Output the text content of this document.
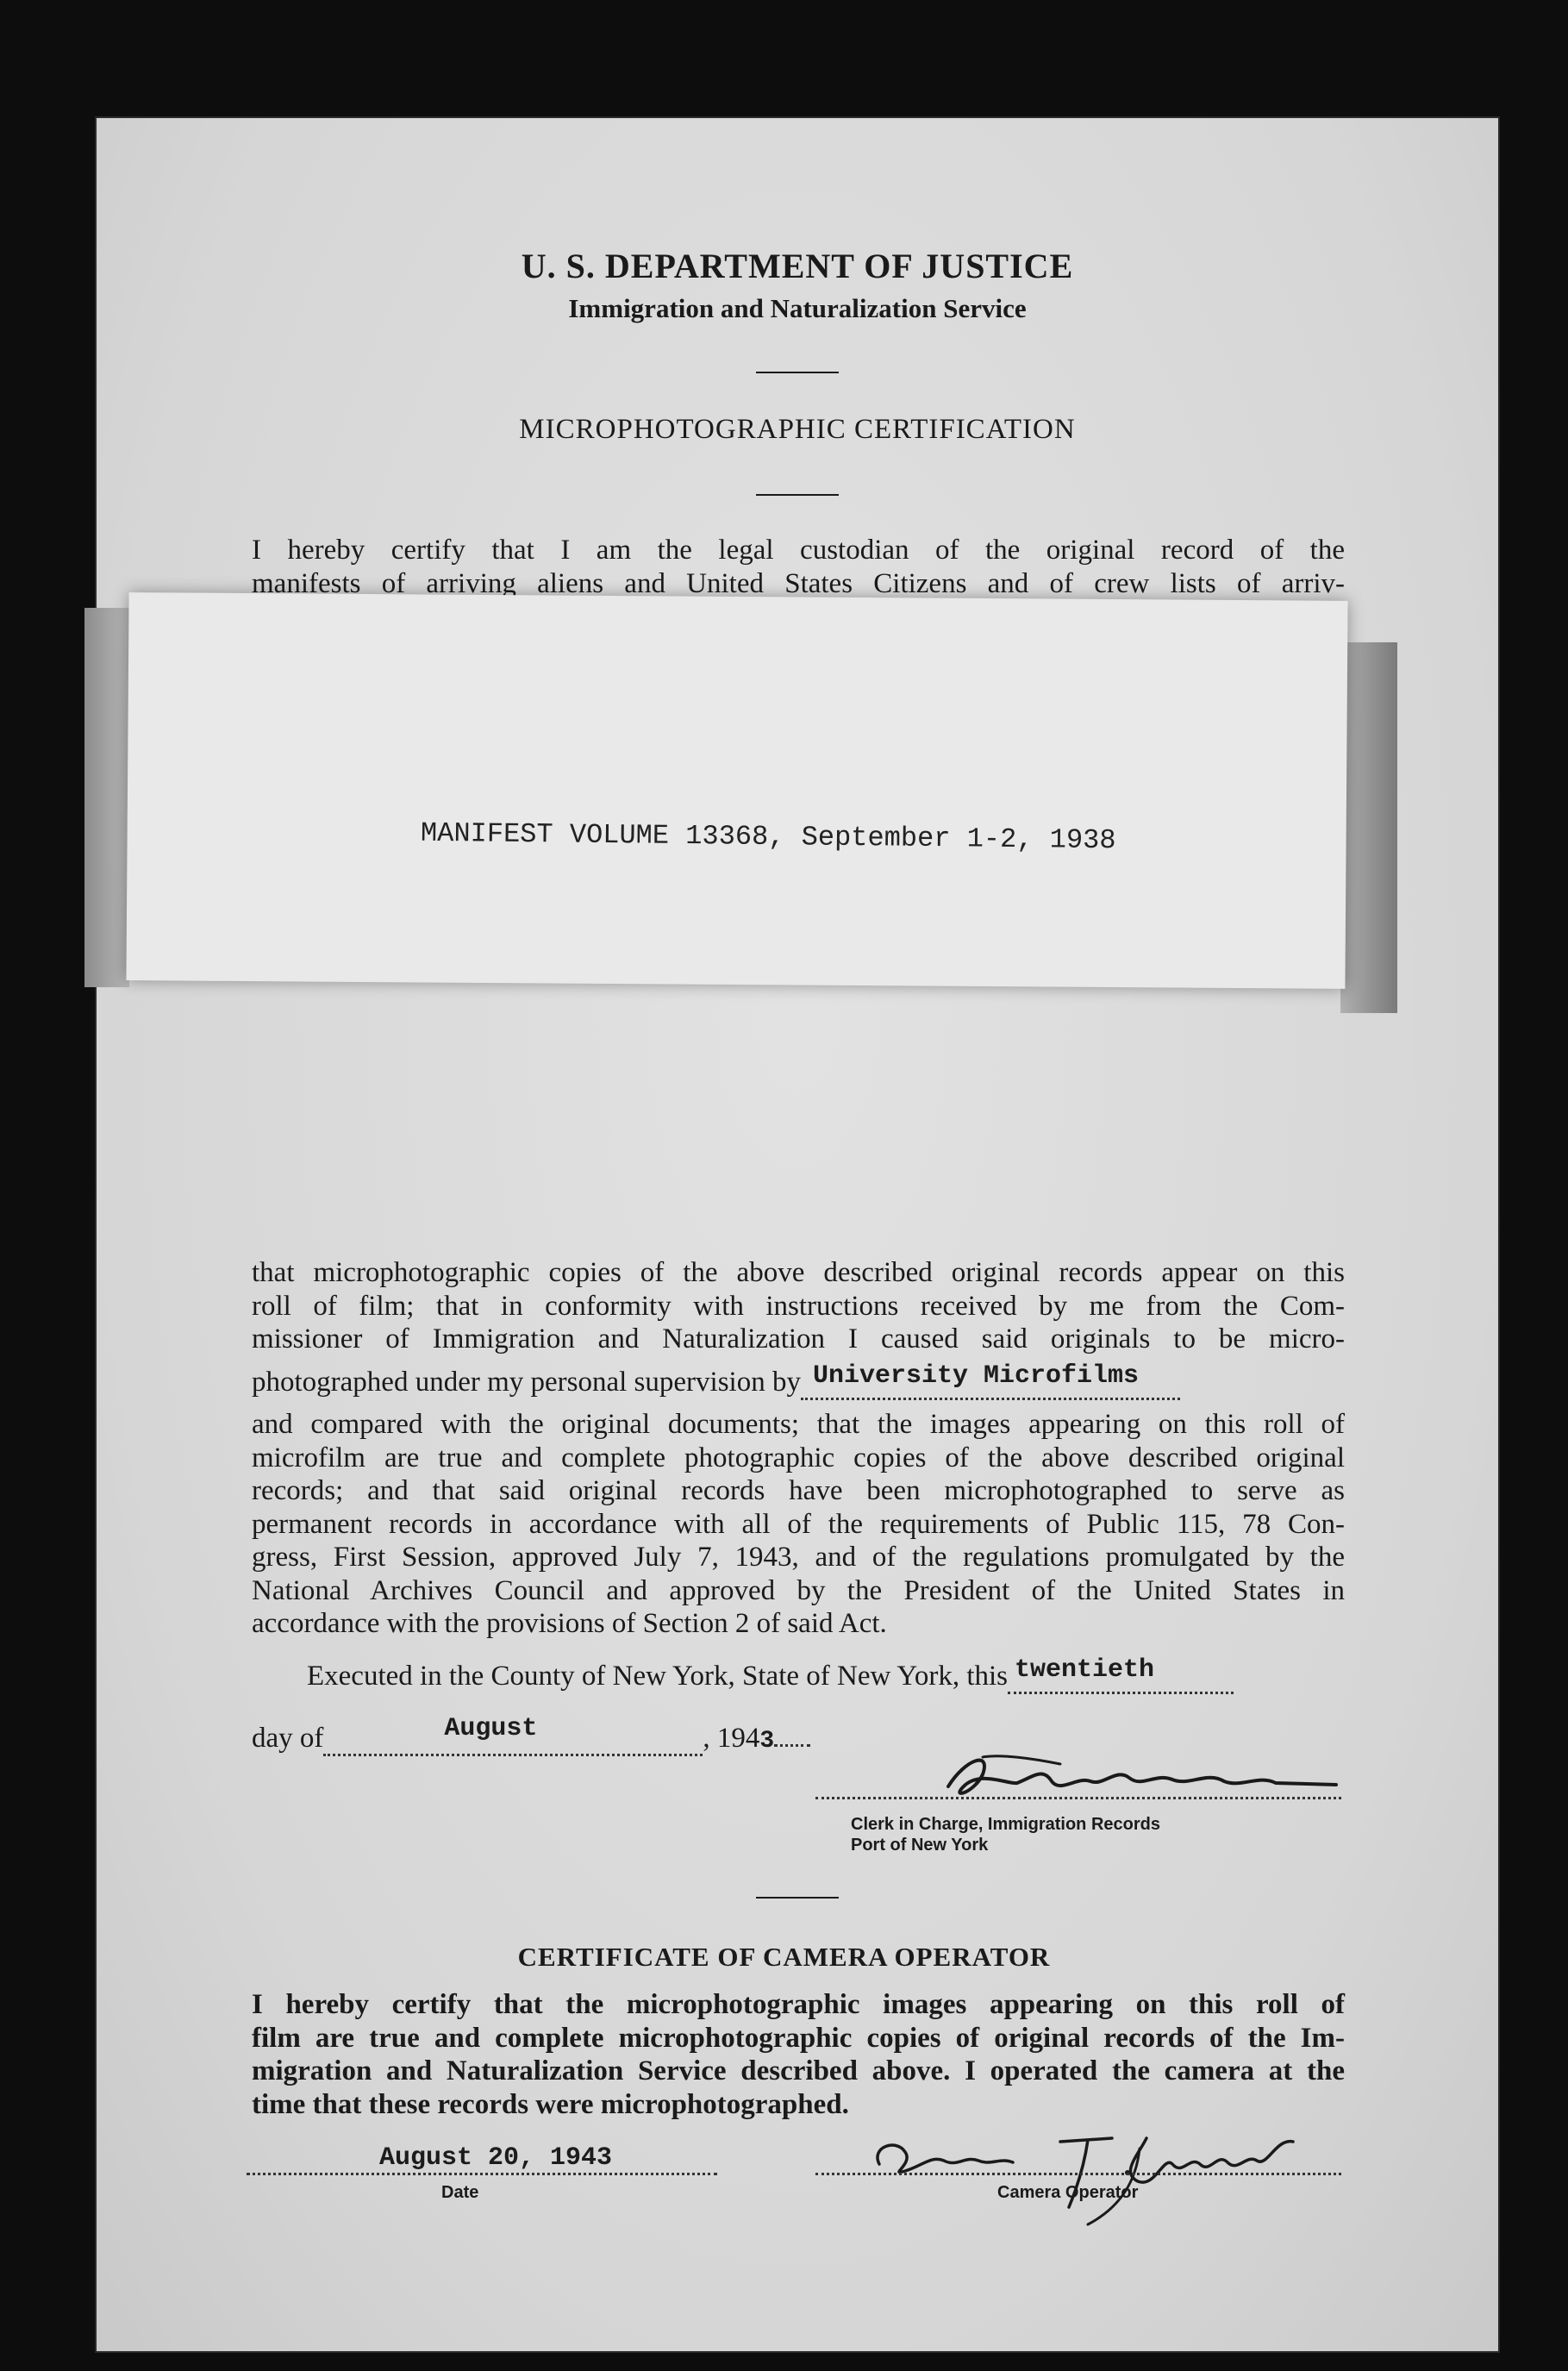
U. S. DEPARTMENT OF JUSTICE
Immigration and Naturalization Service
MICROPHOTOGRAPHIC CERTIFICATION
I hereby certify that I am the legal custodian of the original record of the
manifests of arriving aliens and United States Citizens and of crew lists of arriv-
MANIFEST VOLUME 13368, September 1-2, 1938
that microphotographic copies of the above described original records appear on this
roll of film; that in conformity with instructions received by me from the Com-
missioner of Immigration and Naturalization I caused said originals to be micro-
photographed under my personal supervision by University Microfilms
and compared with the original documents; that the images appearing on this roll of
microfilm are true and complete photographic copies of the above described original
records; and that said original records have been microphotographed to serve as
permanent records in accordance with all of the requirements of Public 115, 78 Con-
gress, First Session, approved July 7, 1943, and of the regulations promulgated by the
National Archives Council and approved by the President of the United States in
accordance with the provisions of Section 2 of said Act.
Executed in the County of New York, State of New York, this twentieth
day of	August	, 1943
Clerk in Charge, Immigration Records
Port of New York
CERTIFICATE OF CAMERA OPERATOR
I hereby certify that the microphotographic images appearing on this roll of
film are true and complete microphotographic copies of original records of the Im-
migration and Naturalization Service described above. I operated the camera at the
time that these records were microphotographed.
August 20, 1943
Date	Camera Operator
